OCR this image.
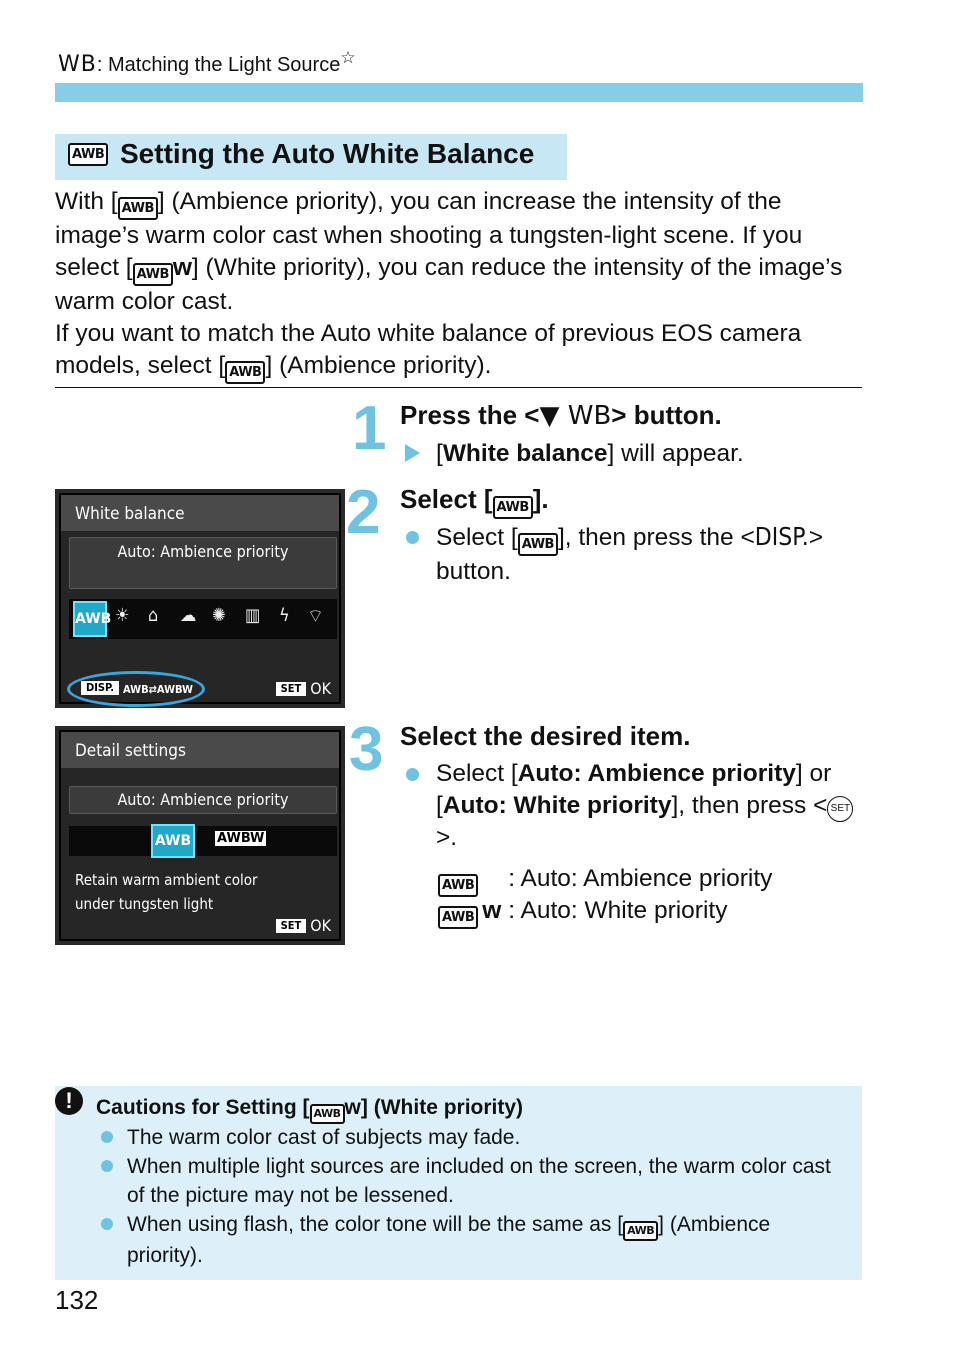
WB: Matching the Light Source☆
AWB Setting the Auto White Balance

With [ AWB ] (Ambience priority), you can increase the intensity of the image’s warm color cast when shooting a tungsten-light scene. If you select [ AWB w] (White priority), you can reduce the intensity of the image’s warm color cast.

If you want to match the Auto white balance of previous EOS camera models, select [ AWB ] (Ambience priority).

1 Press the <▼ WB> button.
[White balance] will appear.
2 Select [ AWB ].
Select [ AWB ], then press the <DISP.> button.
White balance
Auto: Ambience priority
AWB ☀ ⌂ ☁ ✺ ▥ ϟ ⌔
DISP. AWB⇄AWBW	SET OK
3 Select the desired item.
Select [Auto: Ambience priority] or [Auto: White priority], then press < SET>.
AWB : Auto: Ambience priority
AWB w : Auto: White priority
Detail settings
Auto: Ambience priority
AWB AWBW
Retain warm ambient color
under tungsten light
SET OK
Cautions for Setting [ AWB w] (White priority)
The warm color cast of subjects may fade.
When multiple light sources are included on the screen, the warm color cast of the picture may not be lessened.
When using flash, the color tone will be the same as [ AWB ] (Ambience priority).
!
132
